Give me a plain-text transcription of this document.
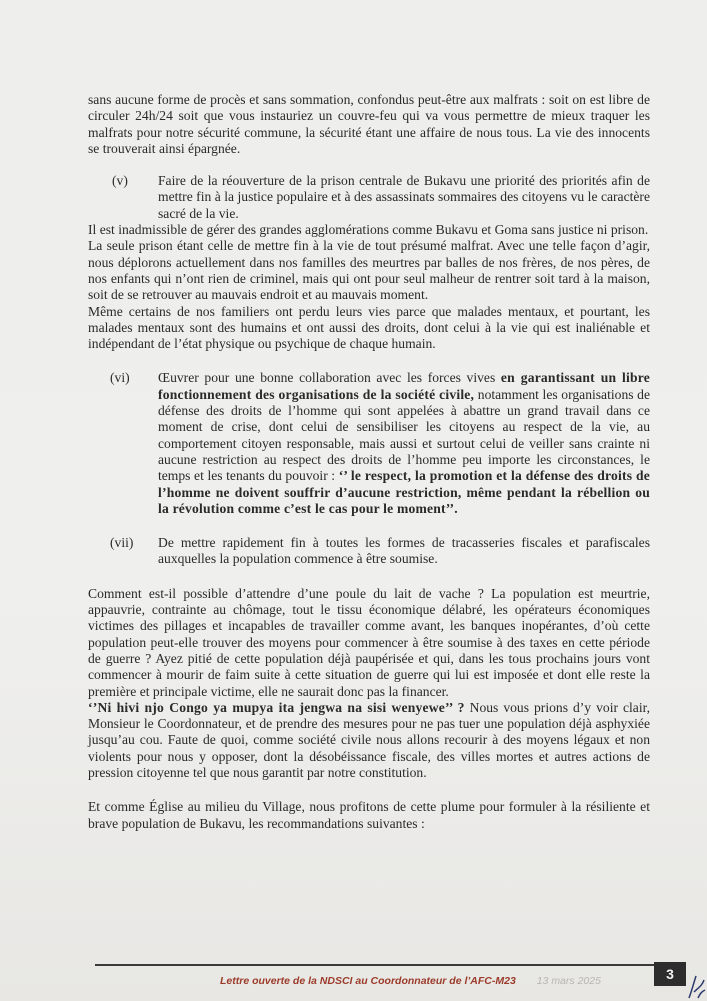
sans aucune forme de procès et sans sommation, confondus peut-être aux malfrats : soit on est libre de circuler 24h/24 soit que vous instauriez un couvre-feu qui va vous permettre de mieux traquer les malfrats pour notre sécurité commune, la sécurité étant une affaire de nous tous. La vie des innocents se trouverait ainsi épargnée.

(v)	Faire de la réouverture de la prison centrale de Bukavu une priorité des priorités afin de mettre fin à la justice populaire et à des assassinats sommaires des citoyens vu le caractère sacré de la vie.

Il est inadmissible de gérer des grandes agglomérations comme Bukavu et Goma sans justice ni prison.

La seule prison étant celle de mettre fin à la vie de tout présumé malfrat. Avec une telle façon d’agir, nous déplorons actuellement dans nos familles des meurtres par balles de nos frères, de nos pères, de nos enfants qui n’ont rien de criminel, mais qui ont pour seul malheur de rentrer soit tard à la maison, soit de se retrouver au mauvais endroit et au mauvais moment.

Même certains de nos familiers ont perdu leurs vies parce que malades mentaux, et pourtant, les malades mentaux sont des humains et ont aussi des droits, dont celui à la vie qui est inaliénable et indépendant de l’état physique ou psychique de chaque humain.

(vi)	Œuvrer pour une bonne collaboration avec les forces vives en garantissant un libre fonctionnement des organisations de la société civile, notamment les organisations de défense des droits de l’homme qui sont appelées à abattre un grand travail dans ce moment de crise, dont celui de sensibiliser les citoyens au respect de la vie, au comportement citoyen responsable, mais aussi et surtout celui de veiller sans crainte ni aucune restriction au respect des droits de l’homme peu importe les circonstances, le temps et les tenants du pouvoir : ‘’ le respect, la promotion et la défense des droits de l’homme ne doivent souffrir d’aucune restriction, même pendant la rébellion ou la révolution comme c’est le cas pour le moment’’.
(vii)	De mettre rapidement fin à toutes les formes de tracasseries fiscales et parafiscales auxquelles la population commence à être soumise.

Comment est-il possible d’attendre d’une poule du lait de vache ? La population est meurtrie, appauvrie, contrainte au chômage, tout le tissu économique délabré, les opérateurs économiques victimes des pillages et incapables de travailler comme avant, les banques inopérantes, d’où cette population peut-elle trouver des moyens pour commencer à être soumise à des taxes en cette période de guerre ? Ayez pitié de cette population déjà paupérisée et qui, dans les tous prochains jours vont commencer à mourir de faim suite à cette situation de guerre qui lui est imposée et dont elle reste la première et principale victime, elle ne saurait donc pas la financer.

‘’Ni hivi njo Congo ya mupya ita jengwa na sisi wenyewe’’ ? Nous vous prions d’y voir clair, Monsieur le Coordonnateur, et de prendre des mesures pour ne pas tuer une population déjà asphyxiée jusqu’au cou. Faute de quoi, comme société civile nous allons recourir à des moyens légaux et non violents pour nous y opposer, dont la désobéissance fiscale, des villes mortes et autres actions de pression citoyenne tel que nous garantit par notre constitution.

Et comme Église au milieu du Village, nous profitons de cette plume pour formuler à la résiliente et brave population de Bukavu, les recommandations suivantes :

Lettre ouverte de la NDSCI au Coordonnateur de l’AFC-M23 13 mars 2025	3
